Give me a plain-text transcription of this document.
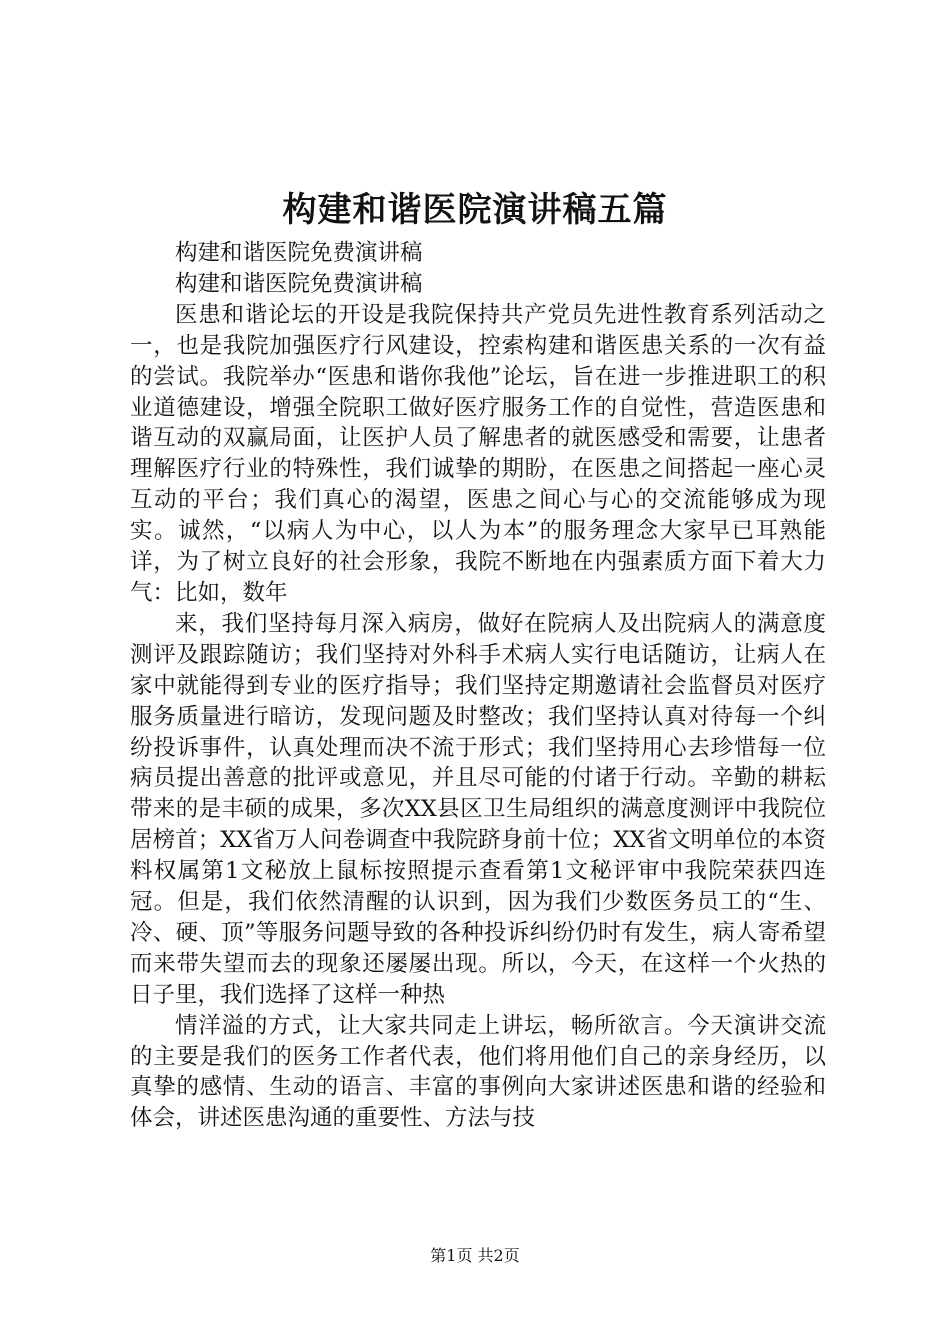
构建和谐医院演讲稿五篇

构建和谐医院免费演讲稿

构建和谐医院免费演讲稿

医患和谐论坛的开设是我院保持共产党员先进性教育系列活动之一，也是我院加强医疗行风建设，控索构建和谐医患关系的一次有益的尝试。我院举办“医患和谐你我他”论坛，旨在进一步推进职工的积业道德建设，增强全院职工做好医疗服务工作的自觉性，营造医患和谐互动的双赢局面，让医护人员了解患者的就医感受和需要，让患者理解医疗行业的特殊性，我们诚挚的期盼，在医患之间搭起一座心灵互动的平台；我们真心的渴望，医患之间心与心的交流能够成为现实。诚然，“以病人为中心，以人为本”的服务理念大家早已耳熟能详，为了树立良好的社会形象，我院不断地在内强素质方面下着大力气：比如，数年

来，我们坚持每月深入病房，做好在院病人及出院病人的满意度测评及跟踪随访；我们坚持对外科手术病人实行电话随访，让病人在家中就能得到专业的医疗指导；我们坚持定期邀请社会监督员对医疗服务质量进行暗访，发现问题及时整改；我们坚持认真对待每一个纠纷投诉事件，认真处理而决不流于形式；我们坚持用心去珍惜每一位病员提出善意的批评或意见，并且尽可能的付诸于行动。辛勤的耕耘带来的是丰硕的成果，多次XX县区卫生局组织的满意度测评中我院位居榜首；XX省万人问卷调查中我院跻身前十位；XX省文明单位的本资料权属第1文秘放上鼠标按照提示查看第1文秘评审中我院荣获四连冠。但是，我们依然清醒的认识到，因为我们少数医务员工的“生、冷、硬、顶”等服务问题导致的各种投诉纠纷仍时有发生，病人寄希望而来带失望而去的现象还屡屡出现。所以，今天，在这样一个火热的日子里，我们选择了这样一种热

情洋溢的方式，让大家共同走上讲坛，畅所欲言。今天演讲交流的主要是我们的医务工作者代表，他们将用他们自己的亲身经历，以真挚的感情、生动的语言、丰富的事例向大家讲述医患和谐的经验和体会，讲述医患沟通的重要性、方法与技

第1页 共2页
